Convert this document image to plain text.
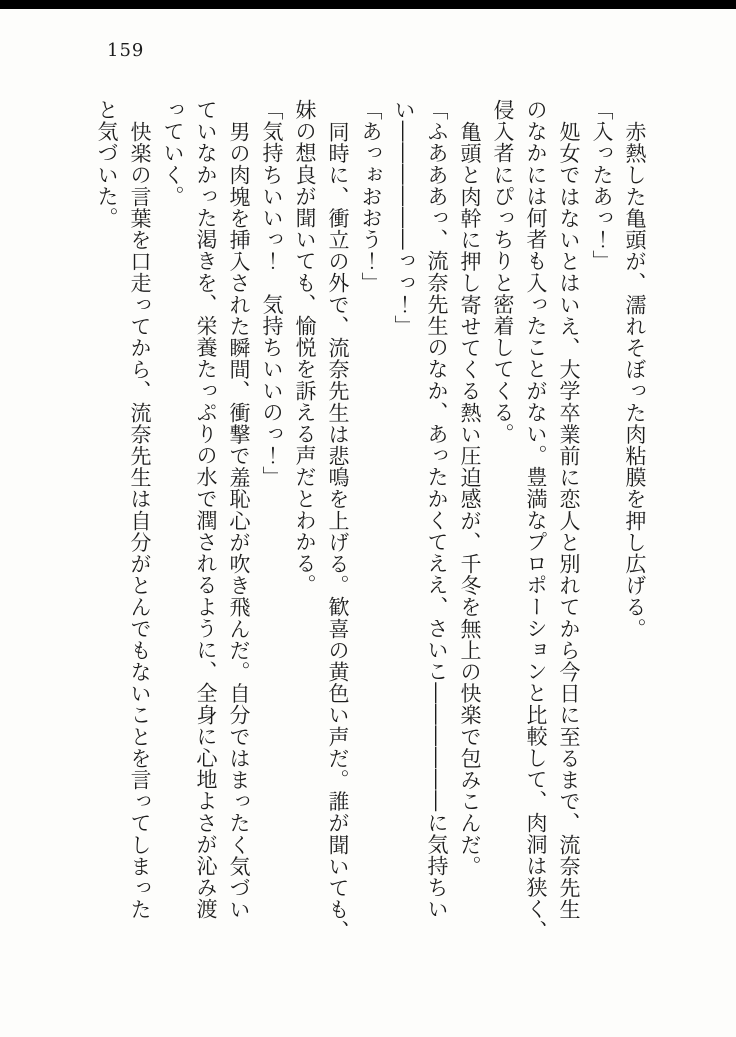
159
赤熱した亀頭が、濡れそぼった肉粘膜を押し広げる。
「入ったあっ！」
処女ではないとはいえ、大学卒業前に恋人と別れてから今日に至るまで、流奈先生
のなかには何者も入ったことがない。豊満なプロポーションと比較して、肉洞は狭く、
侵入者にぴっちりと密着してくる。
亀頭と肉幹に押し寄せてくる熱い圧迫感が、千冬を無上の快楽で包みこんだ。
「ふあああっ、流奈先生のなか、あったかくてええ、さいこ――――――に気持ちい
い――――――っっ！」
「あっぉおおう！」
同時に、衝立の外で、流奈先生は悲鳴を上げる。歓喜の黄色い声だ。誰が聞いても、
妹の想良が聞いても、愉悦を訴える声だとわかる。
「気持ちいいっ！　気持ちいいのっ！」
男の肉塊を挿入された瞬間、衝撃で羞恥心が吹き飛んだ。自分ではまったく気づい
ていなかった渇きを、栄養たっぷりの水で潤されるように、全身に心地よさが沁み渡
っていく。
快楽の言葉を口走ってから、流奈先生は自分がとんでもないことを言ってしまった
と気づいた。
